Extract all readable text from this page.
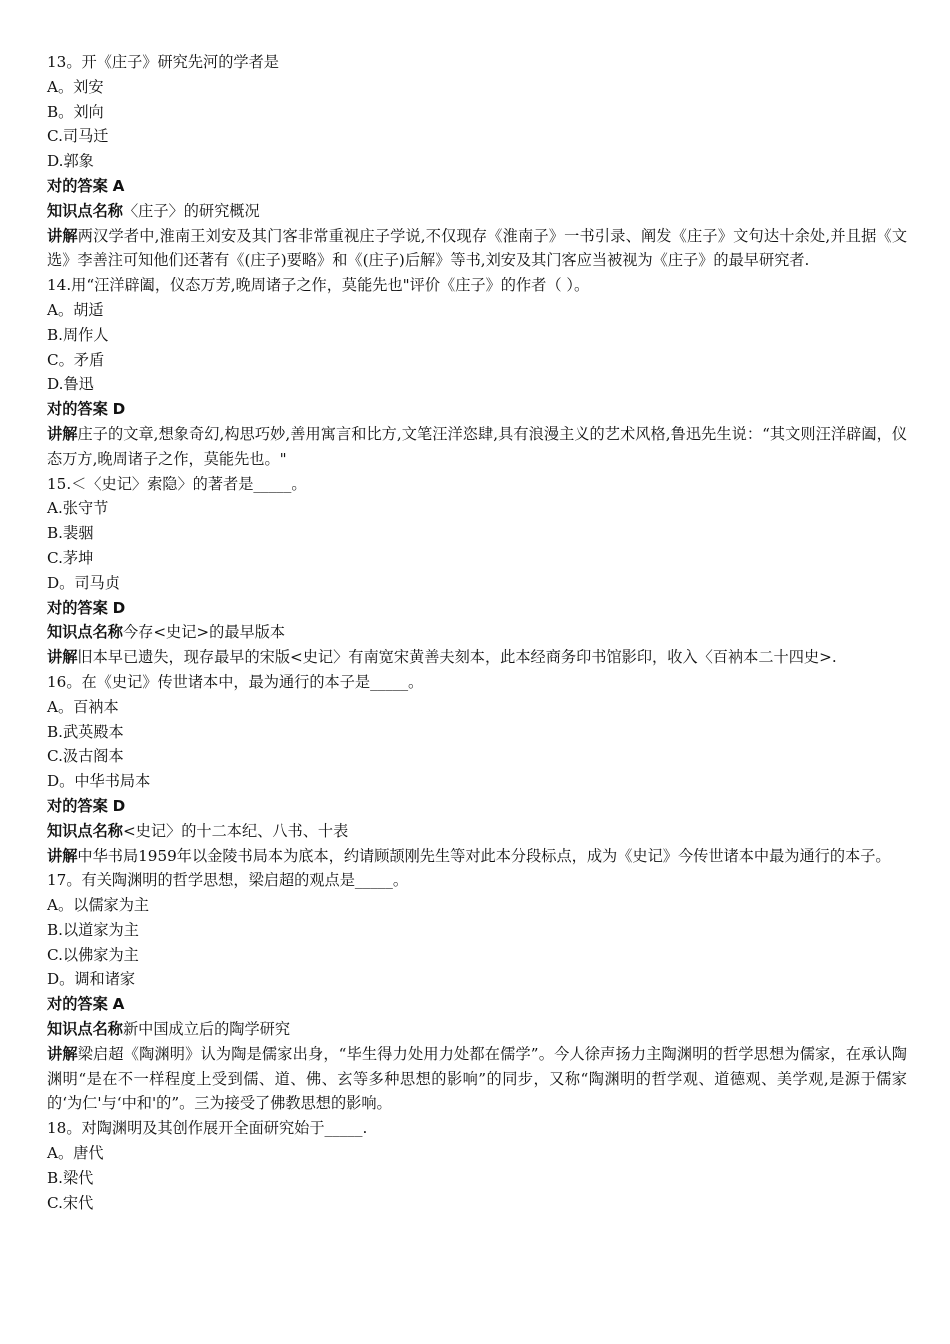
13。开《庄子》研究先河的学者是
A。刘安
B。刘向
C.司马迁
D.郭象
对的答案 A
知识点名称〈庄子〉的研究概况
讲解两汉学者中,淮南王刘安及其门客非常重视庄子学说,不仅现存《淮南子》一书引录、阐发《庄子》文句达十余处,并且据《文选》李善注可知他们还著有《(庄子)要略》和《(庄子)后解》等书,刘安及其门客应当被视为《庄子》的最早研究者.
14.用“汪洋辟阖，仪态万芳,晚周诸子之作，莫能先也"评价《庄子》的作者（ ）。
A。胡适
B.周作人
C。矛盾
D.鲁迅
对的答案 D
讲解庄子的文章,想象奇幻,构思巧妙,善用寓言和比方,文笔汪洋恣肆,具有浪漫主义的艺术风格,鲁迅先生说：“其文则汪洋辟阖，仪态万方,晚周诸子之作，莫能先也。"
15.＜〈史记〉索隐〉的著者是_____。
A.张守节
B.裴骃
C.茅坤
D。司马贞
对的答案 D
知识点名称今存<史记>的最早版本
讲解旧本早已遗失，现存最早的宋版<史记〉有南宽宋黄善夫刻本，此本经商务印书馆影印，收入〈百衲本二十四史>.
16。在《史记》传世诸本中，最为通行的本子是_____。
A。百衲本
B.武英殿本
C.汲古阁本
D。中华书局本
对的答案 D
知识点名称<史记〉的十二本纪、八书、十表
讲解中华书局1959年以金陵书局本为底本，约请顾颉刚先生等对此本分段标点，成为《史记》今传世诸本中最为通行的本子。
17。有关陶渊明的哲学思想，梁启超的观点是_____。
A。以儒家为主
B.以道家为主
C.以佛家为主
D。调和诸家
对的答案 A
知识点名称新中国成立后的陶学研究
讲解梁启超《陶渊明》认为陶是儒家出身，“毕生得力处用力处都在儒学”。今人徐声扬力主陶渊明的哲学思想为儒家，在承认陶渊明“是在不一样程度上受到儒、道、佛、玄等多种思想的影响”的同步，又称“陶渊明的哲学观、道德观、美学观,是源于儒家的‘为仁'与‘中和'的”。三为接受了佛教思想的影响。
18。对陶渊明及其创作展开全面研究始于_____.
A。唐代
B.梁代
C.宋代
